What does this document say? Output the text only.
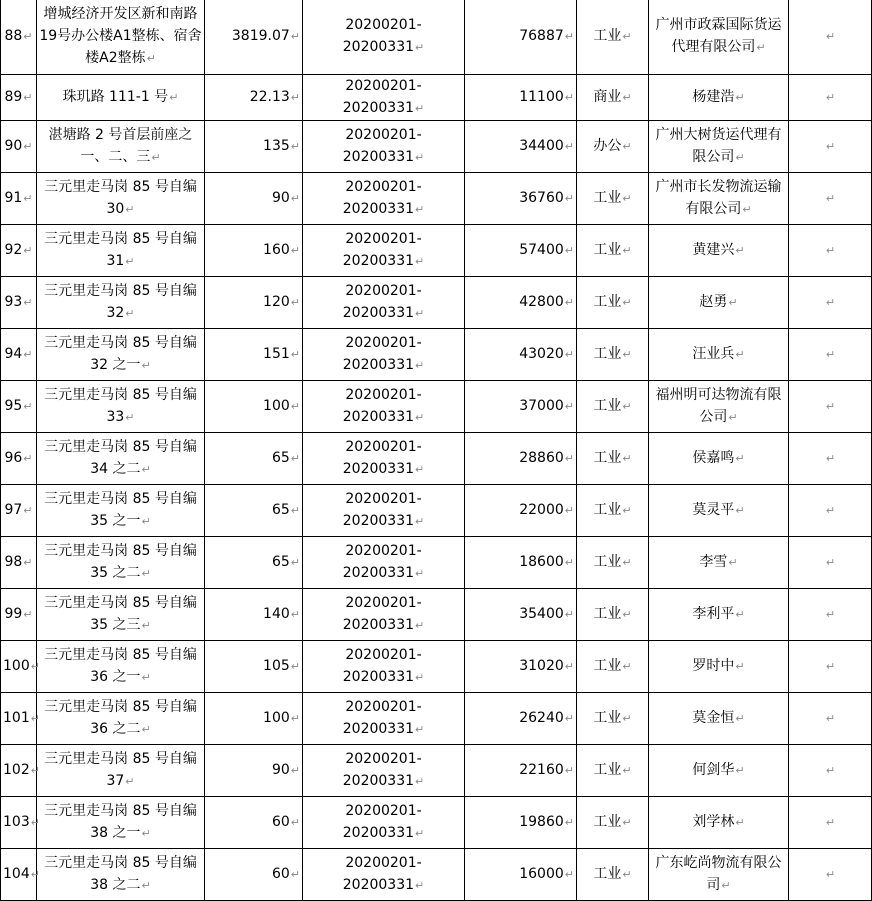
88↵	增城经济开发区新和南路19号办公楼A1整栋、宿舍楼A2整栋↵	3819.07↵	20200201-20200331↵	76887↵	工业↵	广州市政霖国际货运代理有限公司↵	↵
89↵	珠玑路 111-1 号↵	22.13↵	20200201-20200331↵	11100↵	商业↵	杨建浩↵	↵
90↵	湛塘路 2 号首层前座之一、二、三↵	135↵	20200201-20200331↵	34400↵	办公↵	广州大树货运代理有限公司↵	↵
91↵	三元里走马岗 85 号自编 30↵	90↵	20200201-20200331↵	36760↵	工业↵	广州市长发物流运输有限公司↵	↵
92↵	三元里走马岗 85 号自编 31↵	160↵	20200201-20200331↵	57400↵	工业↵	黄建兴↵	↵
93↵	三元里走马岗 85 号自编 32↵	120↵	20200201-20200331↵	42800↵	工业↵	赵勇↵	↵
94↵	三元里走马岗 85 号自编 32 之一↵	151↵	20200201-20200331↵	43020↵	工业↵	汪业兵↵	↵
95↵	三元里走马岗 85 号自编 33↵	100↵	20200201-20200331↵	37000↵	工业↵	福州明可达物流有限公司↵	↵
96↵	三元里走马岗 85 号自编 34 之二↵	65↵	20200201-20200331↵	28860↵	工业↵	侯嘉鸣↵	↵
97↵	三元里走马岗 85 号自编 35 之一↵	65↵	20200201-20200331↵	22000↵	工业↵	莫灵平↵	↵
98↵	三元里走马岗 85 号自编 35 之二↵	65↵	20200201-20200331↵	18600↵	工业↵	李雪↵	↵
99↵	三元里走马岗 85 号自编 35 之三↵	140↵	20200201-20200331↵	35400↵	工业↵	李利平↵	↵
100↵	三元里走马岗 85 号自编 36 之一↵	105↵	20200201-20200331↵	31020↵	工业↵	罗时中↵	↵
101↵	三元里走马岗 85 号自编 36 之二↵	100↵	20200201-20200331↵	26240↵	工业↵	莫金恒↵	↵
102↵	三元里走马岗 85 号自编 37↵	90↵	20200201-20200331↵	22160↵	工业↵	何剑华↵	↵
103↵	三元里走马岗 85 号自编 38 之一↵	60↵	20200201-20200331↵	19860↵	工业↵	刘学林↵	↵
104↵	三元里走马岗 85 号自编 38 之二↵	60↵	20200201-20200331↵	16000↵	工业↵	广东屹尚物流有限公司↵	↵
